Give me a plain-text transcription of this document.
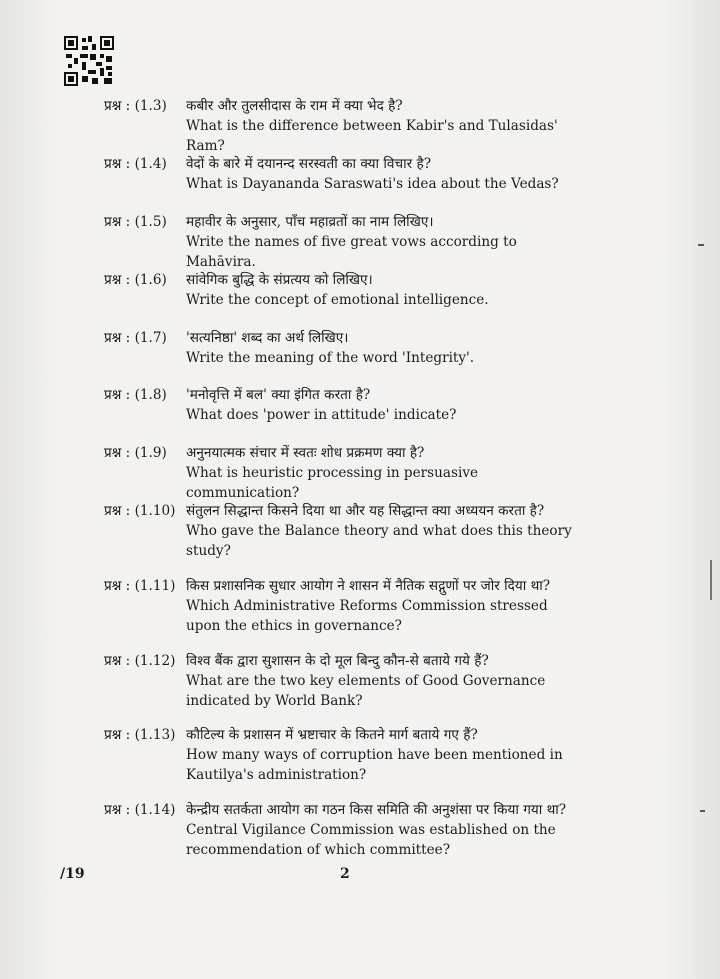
प्रश्न : (1.3) कबीर और तुलसीदास के राम में क्या भेद है?
What is the difference between Kabir's and Tulasidas' Ram?
प्रश्न : (1.4) वेदों के बारे में दयानन्द सरस्वती का क्या विचार है?
What is Dayananda Saraswati's idea about the Vedas?
प्रश्न : (1.5) महावीर के अनुसार, पाँच महाव्रतों का नाम लिखिए।
Write the names of five great vows according to Mahāvira.
प्रश्न : (1.6) सांवेगिक बुद्धि के संप्रत्यय को लिखिए।
Write the concept of emotional intelligence.
प्रश्न : (1.7) 'सत्यनिष्ठा' शब्द का अर्थ लिखिए।
Write the meaning of the word 'Integrity'.
प्रश्न : (1.8) 'मनोवृत्ति में बल' क्या इंगित करता है?
What does 'power in attitude' indicate?
प्रश्न : (1.9) अनुनयात्मक संचार में स्वतः शोध प्रक्रमण क्या है?
What is heuristic processing in persuasive communication?
प्रश्न : (1.10) संतुलन सिद्धान्त किसने दिया था और यह सिद्धान्त क्या अध्ययन करता है?
Who gave the Balance theory and what does this theory study?
प्रश्न : (1.11) किस प्रशासनिक सुधार आयोग ने शासन में नैतिक सद्गुणों पर जोर दिया था?
Which Administrative Reforms Commission stressed upon the ethics in governance?
प्रश्न : (1.12) विश्व बैंक द्वारा सुशासन के दो मूल बिन्दु कौन-से बताये गये हैं?
What are the two key elements of Good Governance indicated by World Bank?
प्रश्न : (1.13) कौटिल्य के प्रशासन में भ्रष्टाचार के कितने मार्ग बताये गए हैं?
How many ways of corruption have been mentioned in Kautilya's administration?
प्रश्न : (1.14) केन्द्रीय सतर्कता आयोग का गठन किस समिति की अनुशंसा पर किया गया था?
Central Vigilance Commission was established on the recommendation of which committee?
/19	2
